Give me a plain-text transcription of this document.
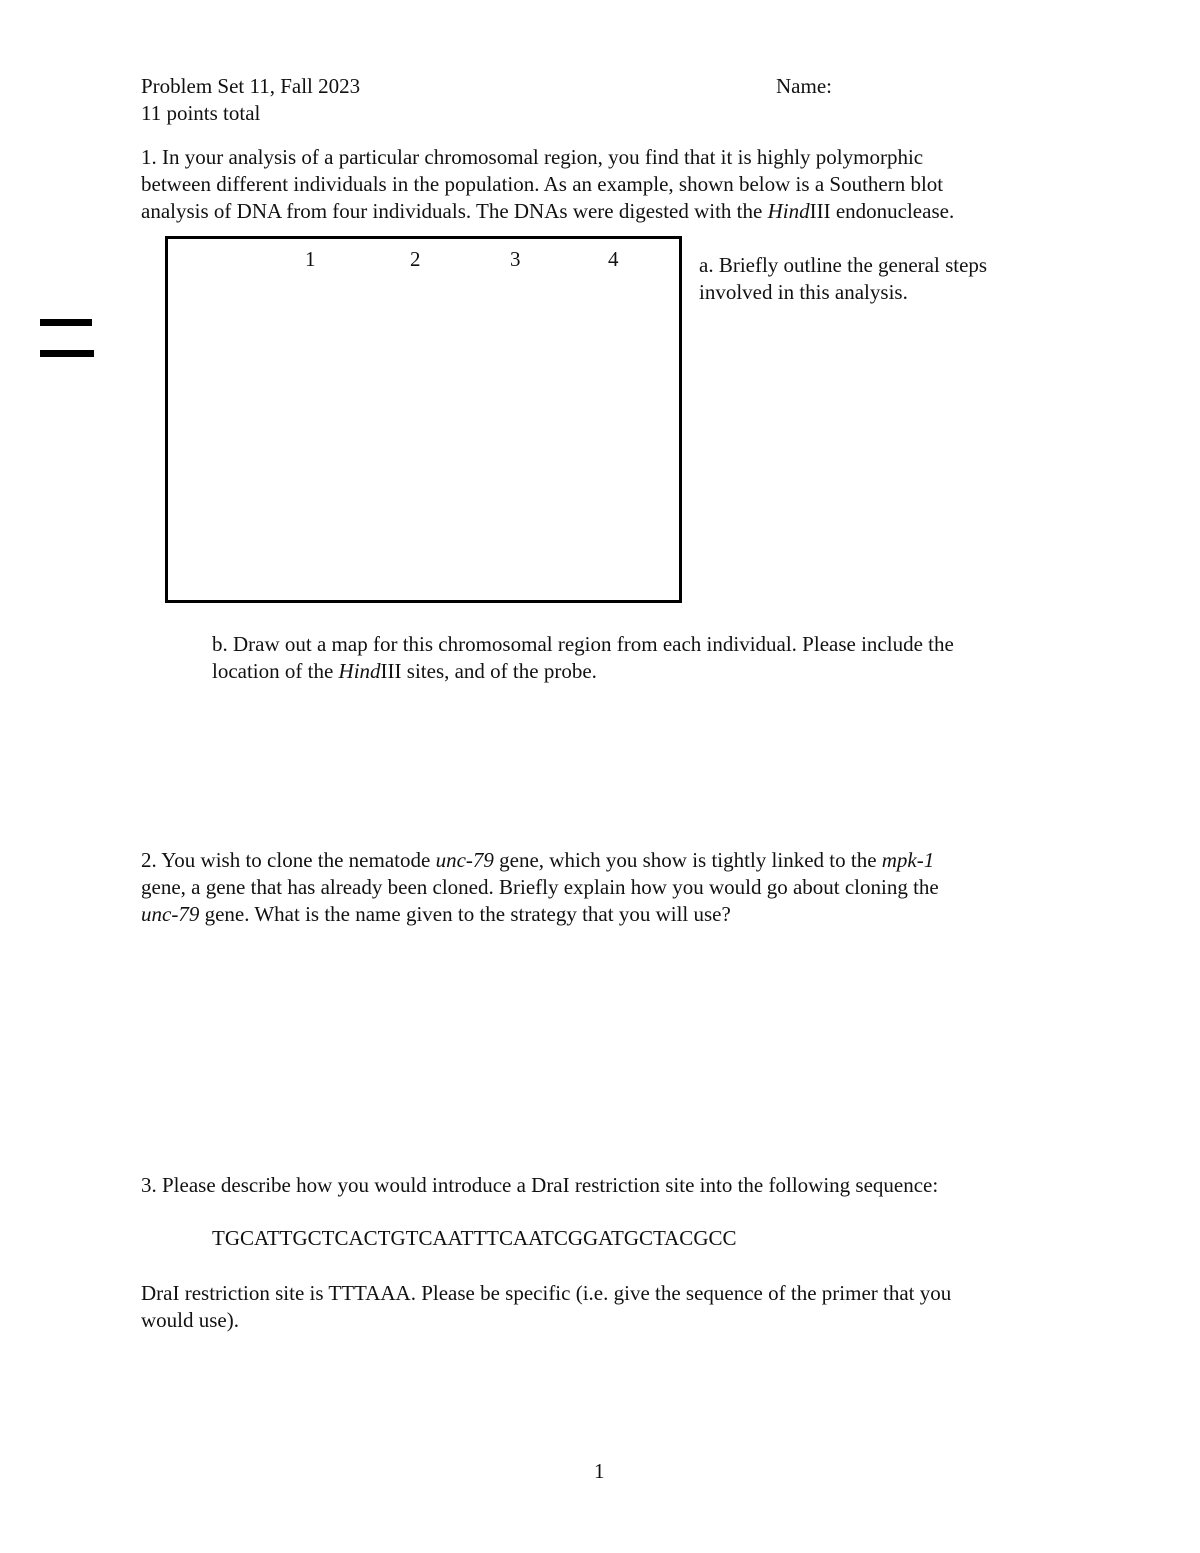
Problem Set 11, Fall 2023
11 points total
Name:
1. In your analysis of a particular chromosomal region, you find that it is highly polymorphic
between different individuals in the population. As an example, shown below is a Southern blot
analysis of DNA from four individuals. The DNAs were digested with the HindIII endonuclease.
1	2	3	4	a. Briefly outline the general steps
involved in this analysis.
b. Draw out a map for this chromosomal region from each individual. Please include the
location of the HindIII sites, and of the probe.
2. You wish to clone the nematode unc-79 gene, which you show is tightly linked to the mpk-1
gene, a gene that has already been cloned. Briefly explain how you would go about cloning the
unc-79 gene. What is the name given to the strategy that you will use?
3. Please describe how you would introduce a DraI restriction site into the following sequence:
TGCATTGCTCACTGTCAATTTCAATCGGATGCTACGCC
DraI restriction site is TTTAAA. Please be specific (i.e. give the sequence of the primer that you
would use).
1
